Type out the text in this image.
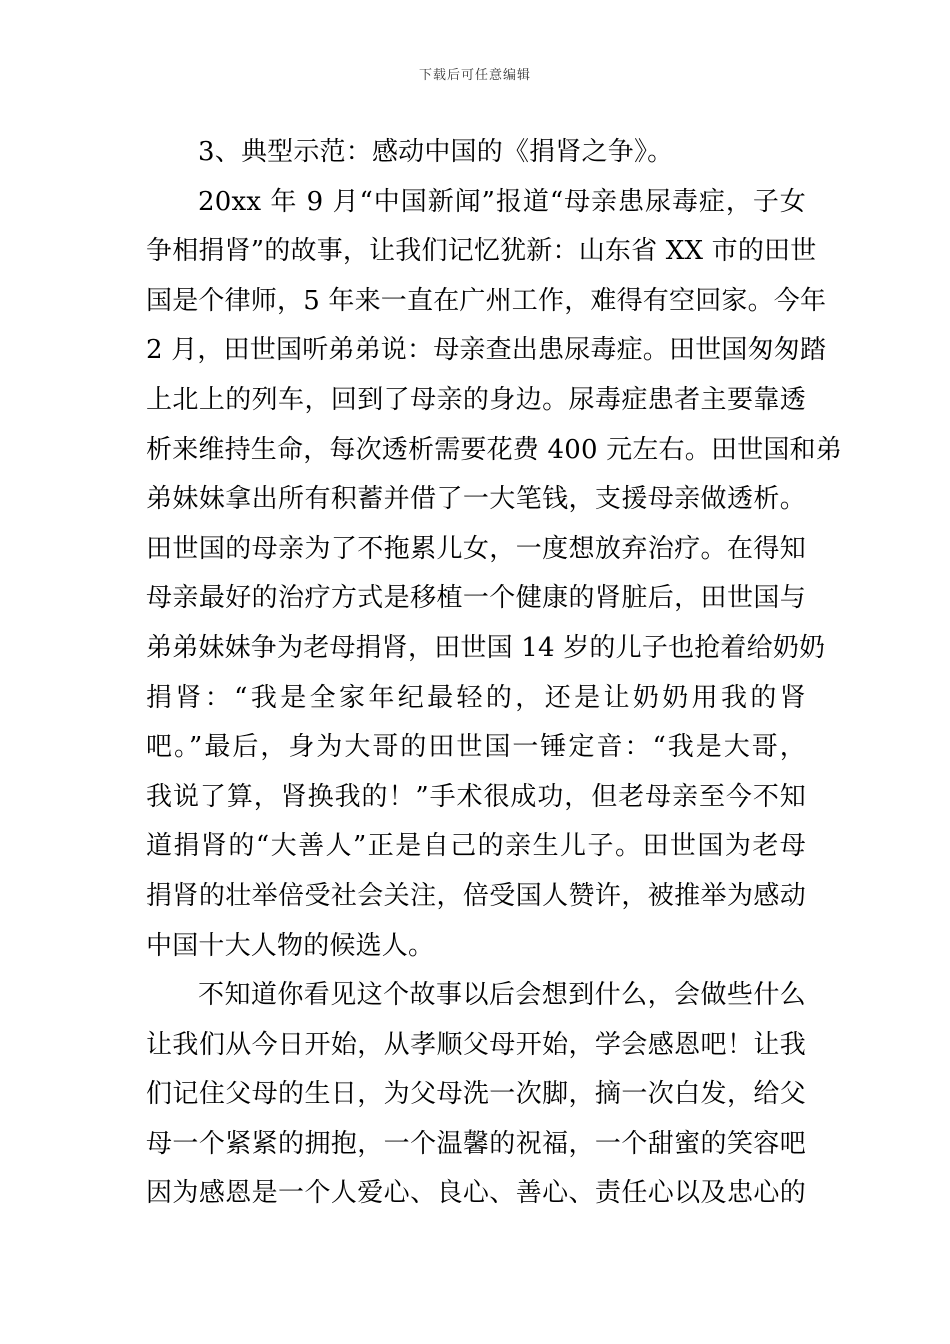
下载后可任意编辑
3、典型示范：感动中国的《捐肾之争》。
20xx 年 9 月“中国新闻”报道“母亲患尿毒症，子女
争相捐肾”的故事，让我们记忆犹新：山东省 XX 市的田世
国是个律师，5 年来一直在广州工作，难得有空回家。今年
2 月，田世国听弟弟说：母亲查出患尿毒症。田世国匆匆踏
上北上的列车，回到了母亲的身边。尿毒症患者主要靠透
析来维持生命，每次透析需要花费 400 元左右。田世国和弟
弟妹妹拿出所有积蓄并借了一大笔钱，支援母亲做透析。
田世国的母亲为了不拖累儿女，一度想放弃治疗。在得知
母亲最好的治疗方式是移植一个健康的肾脏后，田世国与
弟弟妹妹争为老母捐肾，田世国 14 岁的儿子也抢着给奶奶
捐肾：“我是全家年纪最轻的，还是让奶奶用我的肾
吧。”最后，身为大哥的田世国一锤定音：“我是大哥，
我说了算，肾换我的！”手术很成功，但老母亲至今不知
道捐肾的“大善人”正是自己的亲生儿子。田世国为老母
捐肾的壮举倍受社会关注，倍受国人赞许，被推举为感动
中国十大人物的候选人。
不知道你看见这个故事以后会想到什么，会做些什么
让我们从今日开始，从孝顺父母开始，学会感恩吧！让我
们记住父母的生日，为父母洗一次脚，摘一次白发，给父
母一个紧紧的拥抱，一个温馨的祝福，一个甜蜜的笑容吧
因为感恩是一个人爱心、良心、善心、责任心以及忠心的
